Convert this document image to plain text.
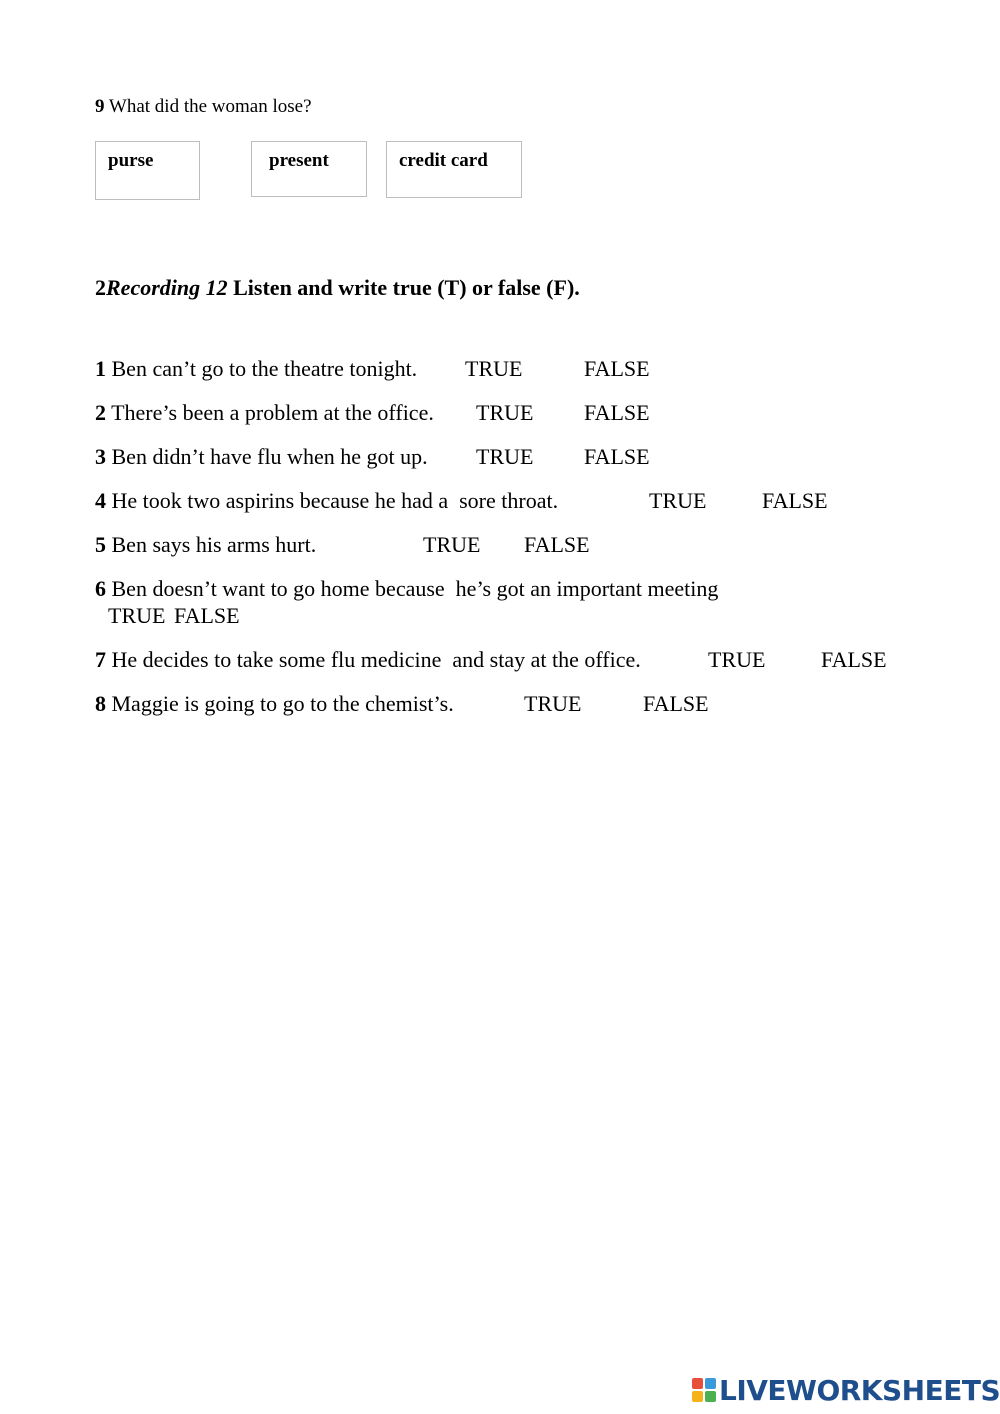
9 What did the woman lose?
purse	present	credit card
2Recording 12 Listen and write true (T) or false (F).
1 Ben can’t go to the theatre tonight. TRUE	FALSE
2 There’s been a problem at the office. TRUE FALSE
3 Ben didn’t have flu when he got up. TRUE FALSE
4 He took two aspirins because he had a  sore throat.	TRUE	FALSE
5 Ben says his arms hurt.	TRUE FALSE
6 Ben doesn’t want to go home because  he’s got an important meeting
TRUE FALSE
7 He decides to take some flu medicine  and stay at the office.	TRUE	FALSE
8 Maggie is going to go to the chemist’s.	TRUE	FALSE
LIVEWORKSHEETS
